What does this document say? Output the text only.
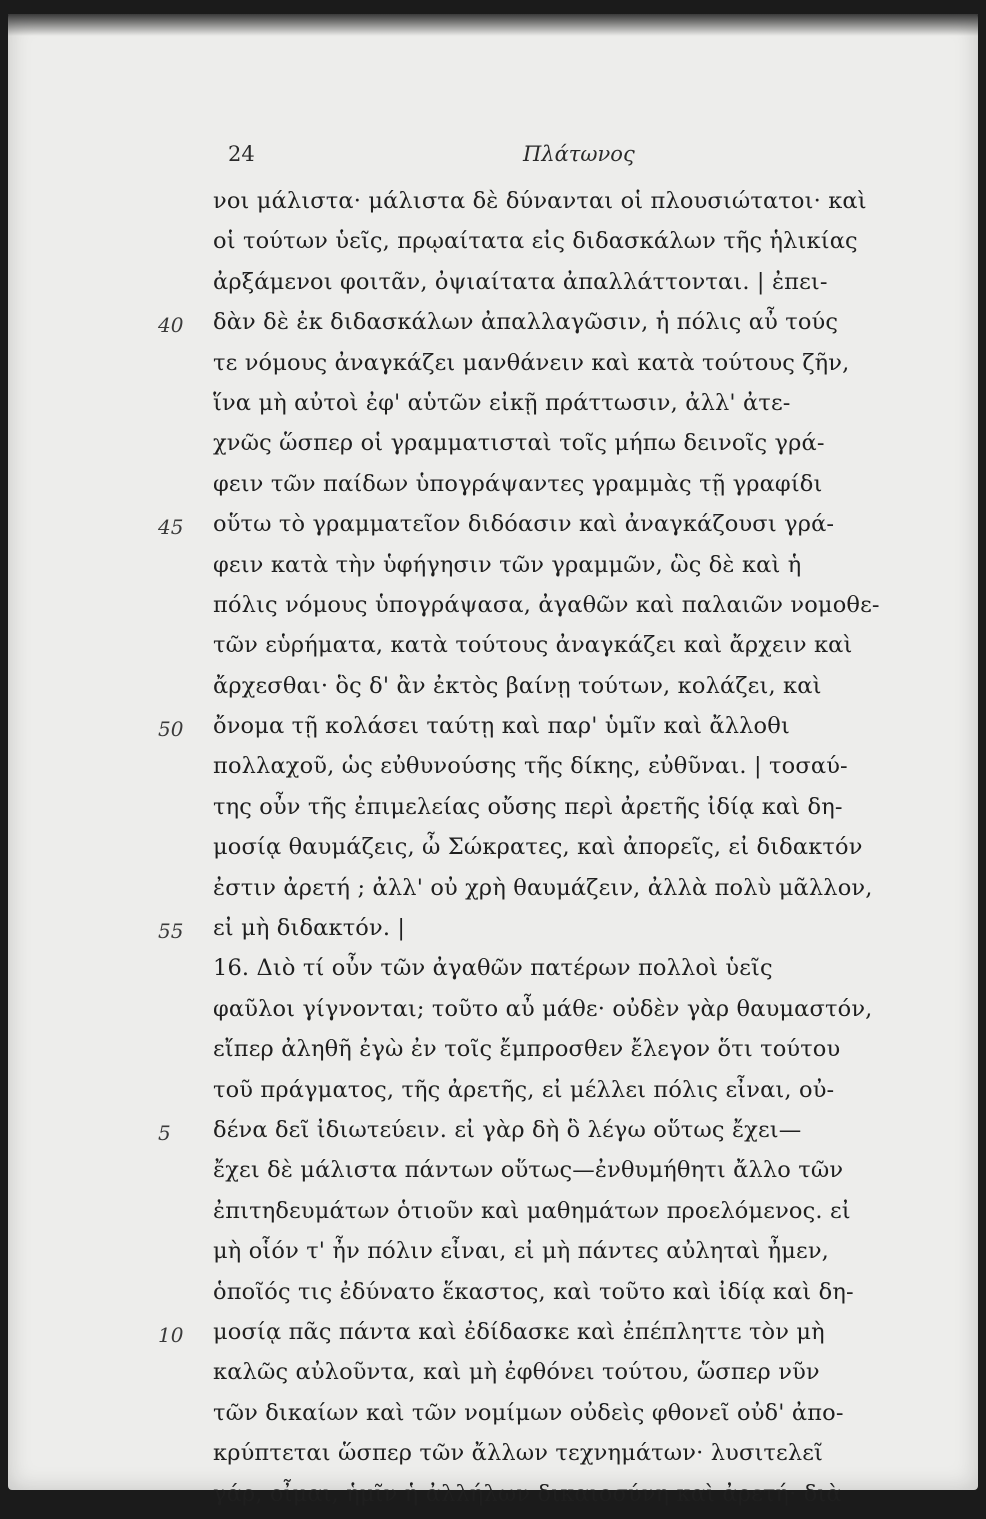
24	Πλάτωνος
νοι μάλιστα· μάλιστα δὲ δύνανται οἱ πλουσιώτατοι· καὶ
οἱ τούτων ὑεῖς, πρῳαίτατα εἰς διδασκάλων τῆς ἡλικίας
ἀρξάμενοι φοιτᾶν, ὀψιαίτατα ἀπαλλάττονται. | ἐπει-
40	δὰν δὲ ἐκ διδασκάλων ἀπαλλαγῶσιν, ἡ πόλις αὖ τούς
τε νόμους ἀναγκάζει μανθάνειν καὶ κατὰ τούτους ζῆν,
ἵνα μὴ αὐτοὶ ἐφ' αὑτῶν εἰκῇ πράττωσιν, ἀλλ' ἀτε-
χνῶς ὥσπερ οἱ γραμματισταὶ τοῖς μήπω δεινοῖς γρά-
φειν τῶν παίδων ὑπογράψαντες γραμμὰς τῇ γραφίδι
45	οὕτω τὸ γραμματεῖον διδόασιν καὶ ἀναγκάζουσι γρά-
φειν κατὰ τὴν ὑφήγησιν τῶν γραμμῶν, ὣς δὲ καὶ ἡ
πόλις νόμους ὑπογράψασα, ἀγαθῶν καὶ παλαιῶν νομοθε-
τῶν εὑρήματα, κατὰ τούτους ἀναγκάζει καὶ ἄρχειν καὶ
ἄρχεσθαι· ὃς δ' ἂν ἐκτὸς βαίνῃ τούτων, κολάζει, καὶ
50	ὄνομα τῇ κολάσει ταύτῃ καὶ παρ' ὑμῖν καὶ ἄλλοθι
πολλαχοῦ, ὡς εὐθυνούσης τῆς δίκης, εὐθῦναι. | τοσαύ-
της οὖν τῆς ἐπιμελείας οὔσης περὶ ἀρετῆς ἰδίᾳ καὶ δη-
μοσίᾳ θαυμάζεις, ὦ Σώκρατες, καὶ ἀπορεῖς, εἰ διδακτόν
ἐστιν ἀρετή ; ἀλλ' οὐ χρὴ θαυμάζειν, ἀλλὰ πολὺ μᾶλλον,
55	εἰ μὴ διδακτόν. |
16. Διὸ τί οὖν τῶν ἀγαθῶν πατέρων πολλοὶ ὑεῖς
φαῦλοι γίγνονται; τοῦτο αὖ μάθε· οὐδὲν γὰρ θαυμαστόν,
εἴπερ ἀληθῆ ἐγὼ ἐν τοῖς ἔμπροσθεν ἔλεγον ὅτι τούτου
τοῦ πράγματος, τῆς ἀρετῆς, εἰ μέλλει πόλις εἶναι, οὐ-
5	δένα δεῖ ἰδιωτεύειν. εἰ γὰρ δὴ ὃ λέγω οὕτως ἔχει—
ἔχει δὲ μάλιστα πάντων οὕτως—ἐνθυμήθητι ἄλλο τῶν
ἐπιτηδευμάτων ὁτιοῦν καὶ μαθημάτων προελόμενος. εἰ
μὴ οἷόν τ' ἦν πόλιν εἶναι, εἰ μὴ πάντες αὐληταὶ ἦμεν,
ὁποῖός τις ἐδύνατο ἕκαστος, καὶ τοῦτο καὶ ἰδίᾳ καὶ δη-
10	μοσίᾳ πᾶς πάντα καὶ ἐδίδασκε καὶ ἐπέπληττε τὸν μὴ
καλῶς αὐλοῦντα, καὶ μὴ ἐφθόνει τούτου, ὥσπερ νῦν
τῶν δικαίων καὶ τῶν νομίμων οὐδεὶς φθονεῖ οὐδ' ἀπο-
κρύπτεται ὥσπερ τῶν ἄλλων τεχνημάτων· λυσιτελεῖ
γάρ, οἶμαι, ἡμῖν ἡ ἀλλήλων δικαιοσύνη καὶ ἀρετή· διὰ
